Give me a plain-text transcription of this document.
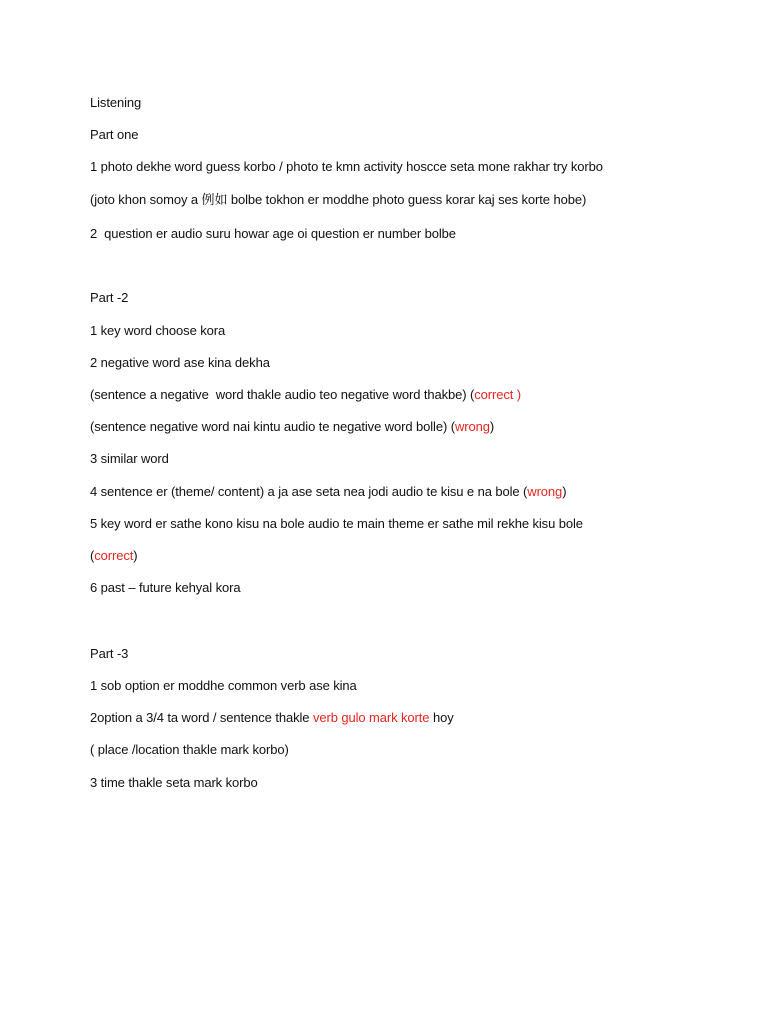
Listening
Part one
1 photo dekhe word guess korbo / photo te kmn activity hoscce seta mone rakhar try korbo
(joto khon somoy a 例如 bolbe tokhon er moddhe photo guess korar kaj ses korte hobe)
2  question er audio suru howar age oi question er number bolbe
Part -2
1 key word choose kora
2 negative word ase kina dekha
(sentence a negative  word thakle audio teo negative word thakbe) (correct )
(sentence negative word nai kintu audio te negative word bolle) (wrong)
3 similar word
4 sentence er (theme/ content) a ja ase seta nea jodi audio te kisu e na bole (wrong)
5 key word er sathe kono kisu na bole audio te main theme er sathe mil rekhe kisu bole
(correct)
6 past – future kehyal kora
Part -3
1 sob option er moddhe common verb ase kina
2option a 3/4 ta word / sentence thakle verb gulo mark korte hoy
( place /location thakle mark korbo)
3 time thakle seta mark korbo
